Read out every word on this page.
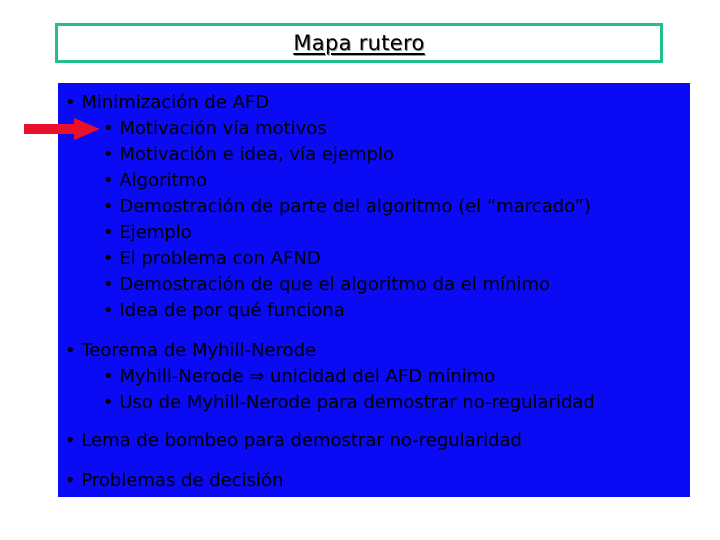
Mapa rutero
• Minimización de AFD
• Motivación vía motivos
• Motivación e idea, vía ejemplo
• Algoritmo
• Demostración de parte del algoritmo (el “marcado”)
• Ejemplo
• El problema con AFND
• Demostración de que el algoritmo da el mínimo
• Idea de por qué funciona
• Teorema de Myhill-Nerode
• Myhill-Nerode ⇒ unicidad del AFD mínimo
• Uso de Myhill-Nerode para demostrar no-regularidad
• Lema de bombeo para demostrar no-regularidad
• Problemas de decisión
